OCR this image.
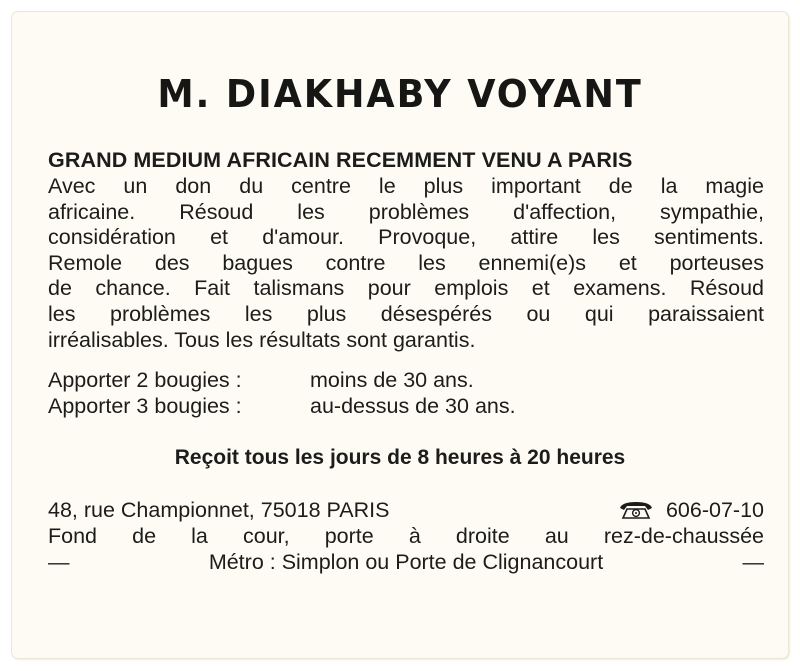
M. DIAKHABY VOYANT
GRAND MEDIUM AFRICAIN RECEMMENT VENU A PARIS
Avec un don du centre le plus important de la magie
africaine. Résoud les problèmes d'affection, sympathie,
considération et d'amour. Provoque, attire les sentiments.
Remole des bagues contre les ennemi(e)s et porteuses
de chance. Fait talismans pour emplois et examens. Résoud
les problèmes les plus désespérés ou qui paraissaient
irréalisables. Tous les résultats sont garantis.
Apporter 2 bougies :	moins de 30 ans.
Apporter 3 bougies :	au-dessus de 30 ans.
Reçoit tous les jours de 8 heures à 20 heures
48, rue Championnet, 75018 PARIS	606-07-10
Fond de la cour, porte à droite au rez-de-chaussée
—	Métro : Simplon ou Porte de Clignancourt	—
